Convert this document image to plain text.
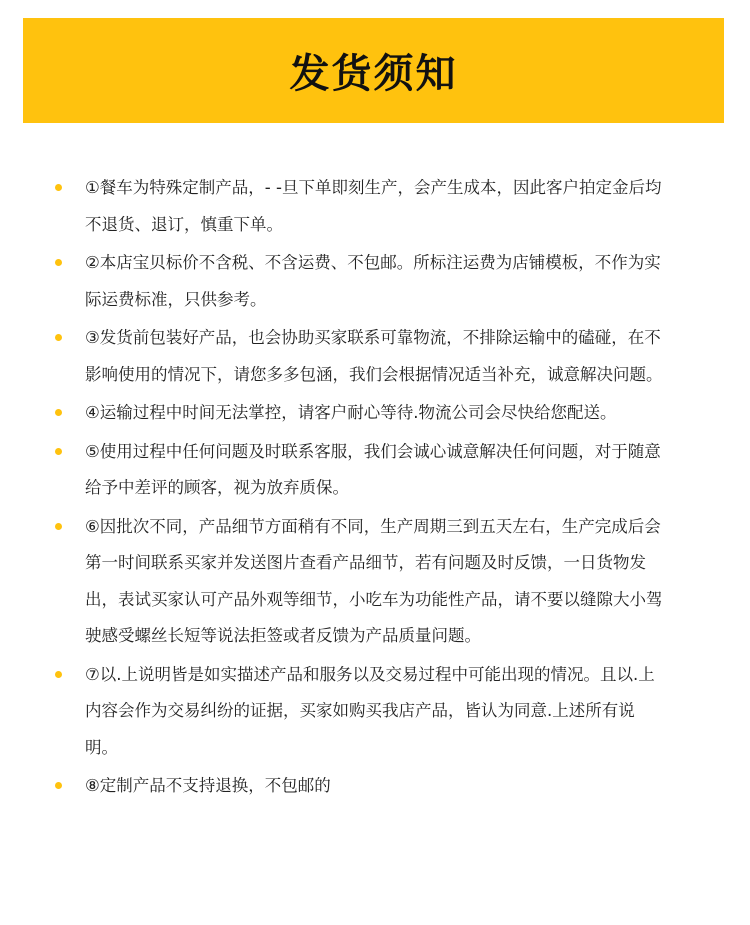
发货须知
①餐车为特殊定制产品，- -旦下单即刻生产，会产生成本，因此客户拍定金后均不退货、退订，慎重下单。
②本店宝贝标价不含税、不含运费、不包邮。所标注运费为店铺模板，不作为实际运费标准，只供参考。
③发货前包装好产品，也会协助买家联系可靠物流，不排除运输中的磕碰，在不影响使用的情况下，请您多多包涵，我们会根据情况适当补充，诚意解决问题。
④运输过程中时间无法掌控，请客户耐心等待.物流公司会尽快给您配送。
⑤使用过程中任何问题及时联系客服，我们会诚心诚意解决任何问题，对于随意给予中差评的顾客，视为放弃质保。
⑥因批次不同，产品细节方面稍有不同，生产周期三到五天左右，生产完成后会第一时间联系买家并发送图片查看产品细节，若有问题及时反馈，一日货物发出，表试买家认可产品外观等细节，小吃车为功能性产品，请不要以缝隙大小驾驶感受螺丝长短等说法拒签或者反馈为产品质量问题。
⑦以.上说明皆是如实描述产品和服务以及交易过程中可能出现的情况。且以.上内容会作为交易纠纷的证据，买家如购买我店产品，皆认为同意.上述所有说明。
⑧定制产品不支持退换，不包邮的
